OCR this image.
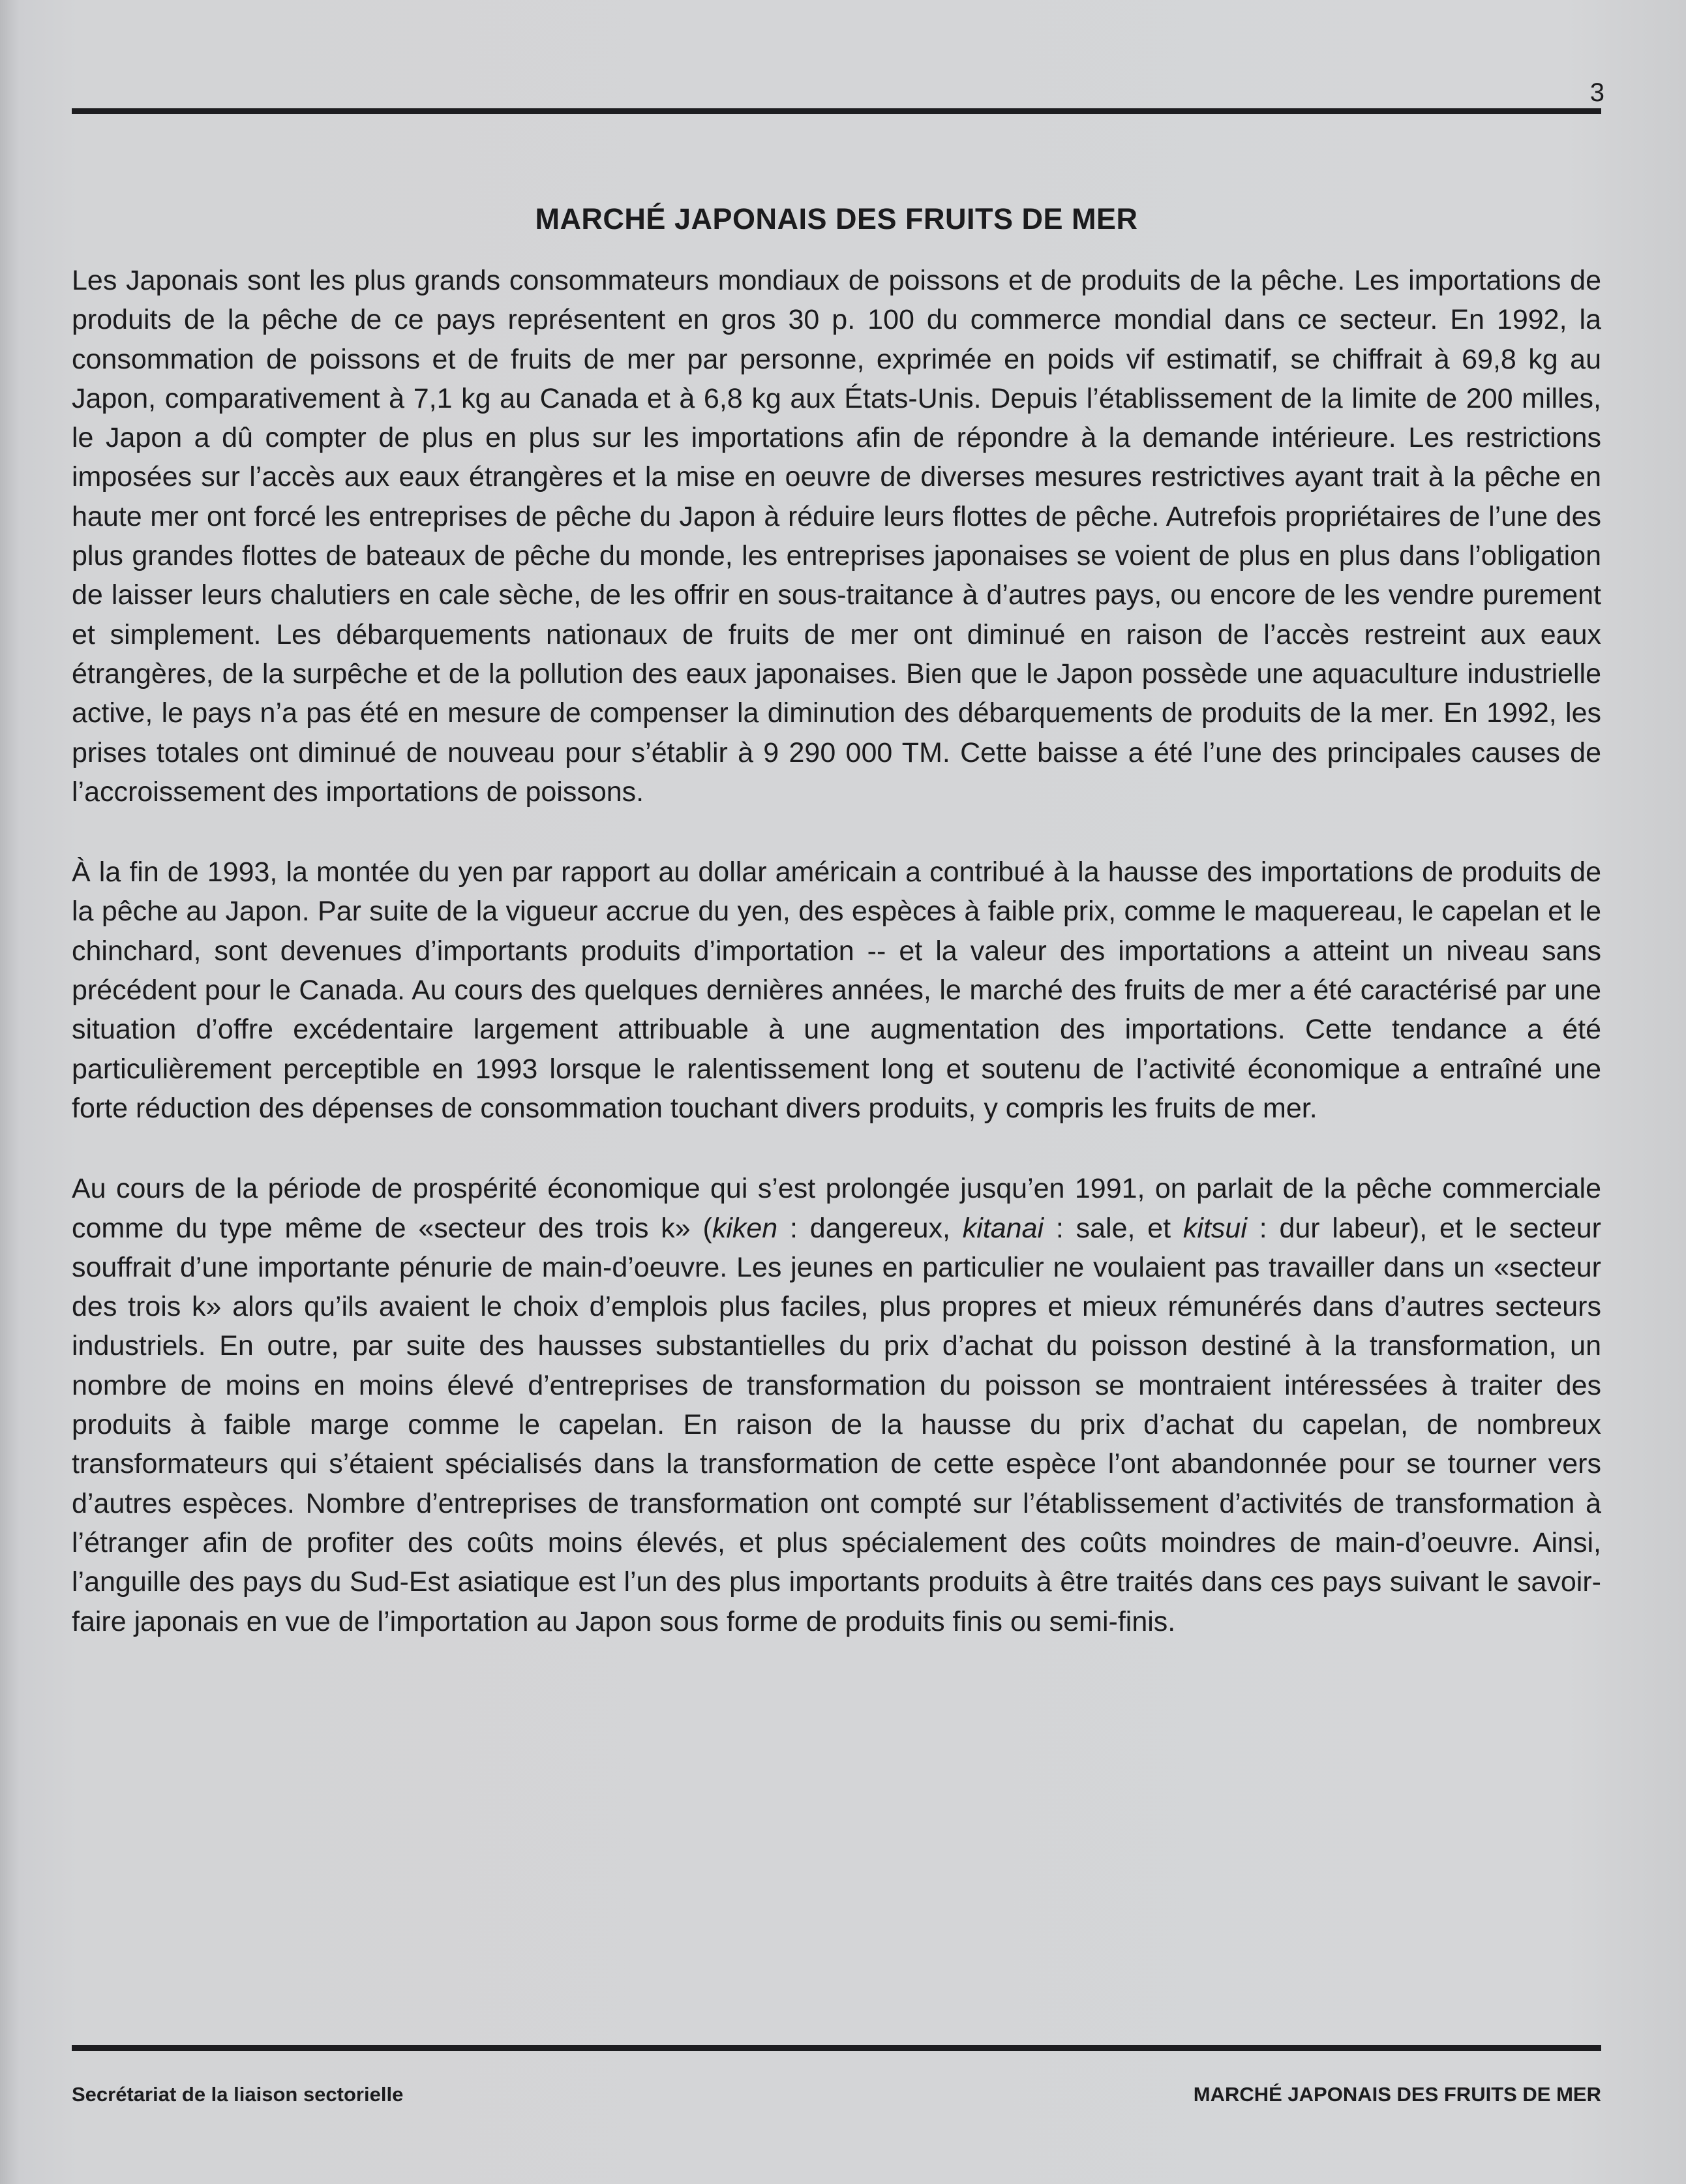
3
MARCHÉ JAPONAIS DES FRUITS DE MER

Les Japonais sont les plus grands consommateurs mondiaux de poissons et de produits de la pêche. Les importations de produits de la pêche de ce pays représentent en gros 30 p. 100 du commerce mondial dans ce secteur. En 1992, la consommation de poissons et de fruits de mer par personne, exprimée en poids vif estimatif, se chiffrait à 69,8 kg au Japon, comparativement à 7,1 kg au Canada et à 6,8 kg aux États-Unis. Depuis l’établissement de la limite de 200 milles, le Japon a dû compter de plus en plus sur les importations afin de répondre à la demande intérieure. Les restrictions imposées sur l’accès aux eaux étrangères et la mise en oeuvre de diverses mesures restrictives ayant trait à la pêche en haute mer ont forcé les entreprises de pêche du Japon à réduire leurs flottes de pêche. Autrefois propriétaires de l’une des plus grandes flottes de bateaux de pêche du monde, les entreprises japonaises se voient de plus en plus dans l’obligation de laisser leurs chalutiers en cale sèche, de les offrir en sous-traitance à d’autres pays, ou encore de les vendre purement et simplement. Les débarquements nationaux de fruits de mer ont diminué en raison de l’accès restreint aux eaux étrangères, de la surpêche et de la pollution des eaux japonaises. Bien que le Japon possède une aquaculture industrielle active, le pays n’a pas été en mesure de compenser la diminution des débarquements de produits de la mer. En 1992, les prises totales ont diminué de nouveau pour s’établir à 9 290 000 TM. Cette baisse a été l’une des principales causes de l’accroissement des importations de poissons.

À la fin de 1993, la montée du yen par rapport au dollar américain a contribué à la hausse des importations de produits de la pêche au Japon. Par suite de la vigueur accrue du yen, des espèces à faible prix, comme le maquereau, le capelan et le chinchard, sont devenues d’importants produits d’importation -- et la valeur des importations a atteint un niveau sans précédent pour le Canada. Au cours des quelques dernières années, le marché des fruits de mer a été caractérisé par une situation d’offre excédentaire largement attribuable à une augmentation des importations. Cette tendance a été particulièrement perceptible en 1993 lorsque le ralentissement long et soutenu de l’activité économique a entraîné une forte réduction des dépenses de consommation touchant divers produits, y compris les fruits de mer.

Au cours de la période de prospérité économique qui s’est prolongée jusqu’en 1991, on parlait de la pêche commerciale comme du type même de «secteur des trois k» (kiken : dangereux, kitanai : sale, et kitsui : dur labeur), et le secteur souffrait d’une importante pénurie de main-d’oeuvre. Les jeunes en particulier ne voulaient pas travailler dans un «secteur des trois k» alors qu’ils avaient le choix d’emplois plus faciles, plus propres et mieux rémunérés dans d’autres secteurs industriels. En outre, par suite des hausses substantielles du prix d’achat du poisson destiné à la transformation, un nombre de moins en moins élevé d’entreprises de transformation du poisson se montraient intéressées à traiter des produits à faible marge comme le capelan. En raison de la hausse du prix d’achat du capelan, de nombreux transformateurs qui s’étaient spécialisés dans la transformation de cette espèce l’ont abandonnée pour se tourner vers d’autres espèces. Nombre d’entreprises de transformation ont compté sur l’établissement d’activités de transformation à l’étranger afin de profiter des coûts moins élevés, et plus spécialement des coûts moindres de main-d’oeuvre. Ainsi, l’anguille des pays du Sud-Est asiatique est l’un des plus importants produits à être traités dans ces pays suivant le savoir-faire japonais en vue de l’importation au Japon sous forme de produits finis ou semi-finis.

Secrétariat de la liaison sectorielle	MARCHÉ JAPONAIS DES FRUITS DE MER
